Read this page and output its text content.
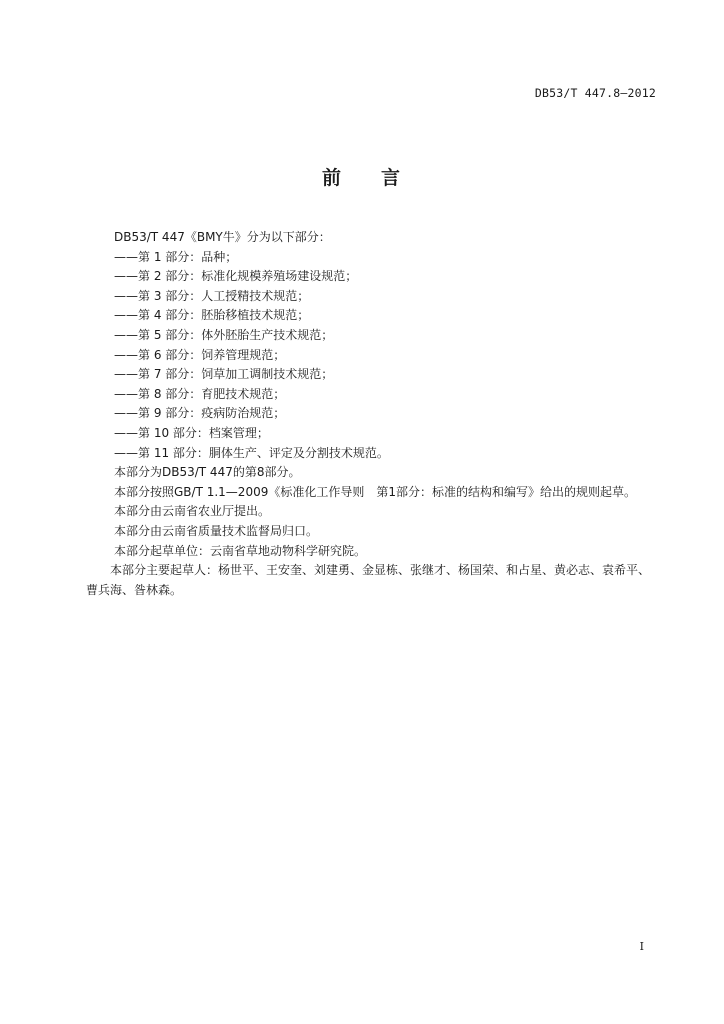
DB53/T 447.8—2012
前 言
DB53/T 447《BMY牛》分为以下部分：
——第 1 部分：品种；
——第 2 部分：标准化规模养殖场建设规范；
——第 3 部分：人工授精技术规范；
——第 4 部分：胚胎移植技术规范；
——第 5 部分：体外胚胎生产技术规范；
——第 6 部分：饲养管理规范；
——第 7 部分：饲草加工调制技术规范；
——第 8 部分：育肥技术规范；
——第 9 部分：疫病防治规范；
——第 10 部分：档案管理；
——第 11 部分：胴体生产、评定及分割技术规范。
本部分为DB53/T 447的第8部分。
本部分按照GB/T 1.1—2009《标准化工作导则　第1部分：标准的结构和编写》给出的规则起草。
本部分由云南省农业厅提出。
本部分由云南省质量技术监督局归口。
本部分起草单位：云南省草地动物科学研究院。
本部分主要起草人：杨世平、王安奎、刘建勇、金显栋、张继才、杨国荣、和占星、黄必志、袁希平、曹兵海、昝林森。
I
